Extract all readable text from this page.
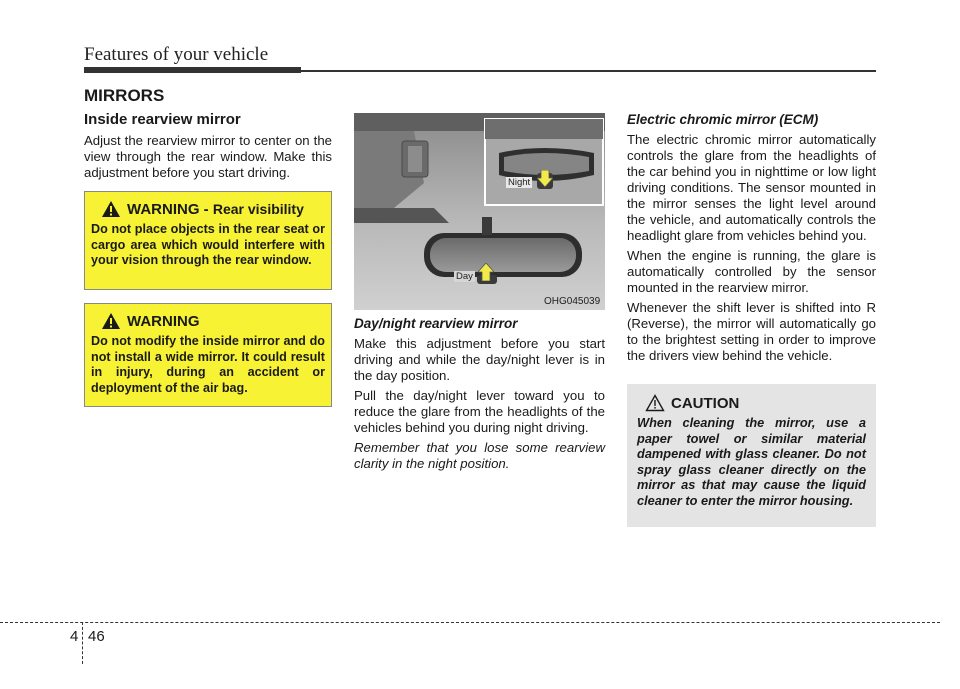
Features of your vehicle
MIRRORS
Inside rearview mirror

Adjust the rearview mirror to center on the view through the rear window. Make this adjustment before you start driving.

WARNING -
Rear visibility
Do not place objects in the rear seat or cargo area which would interfere with your vision through the rear window.
WARNING
Do not modify the inside mirror and do not install a wide mirror. It could result in injury, during an accident or deployment of the air bag.
Night
Day
OHG045039
Day/night rearview mirror

Make this adjustment before you start driving and while the day/night lever is in the day position.

Pull the day/night lever toward you to reduce the glare from the headlights of the vehicles behind you during night driving.

Remember that you lose some rearview clarity in the night position.

Electric chromic mirror (ECM)

The electric chromic mirror automatically controls the glare from the headlights of the car behind you in nighttime or low light driving conditions. The sensor mounted in the mirror senses the light level around the vehicle, and automatically controls the headlight glare from vehicles behind you.

When the engine is running, the glare is automatically controlled by the sensor mounted in the rearview mirror.

Whenever the shift lever is shifted into R (Reverse), the mirror will automatically go to the brightest setting in order to improve the drivers view behind the vehicle.

CAUTION
When cleaning the mirror, use a paper towel or similar material dampened with glass cleaner. Do not spray glass cleaner directly on the mirror as that may cause the liquid cleaner to enter the mirror housing.
4 46
